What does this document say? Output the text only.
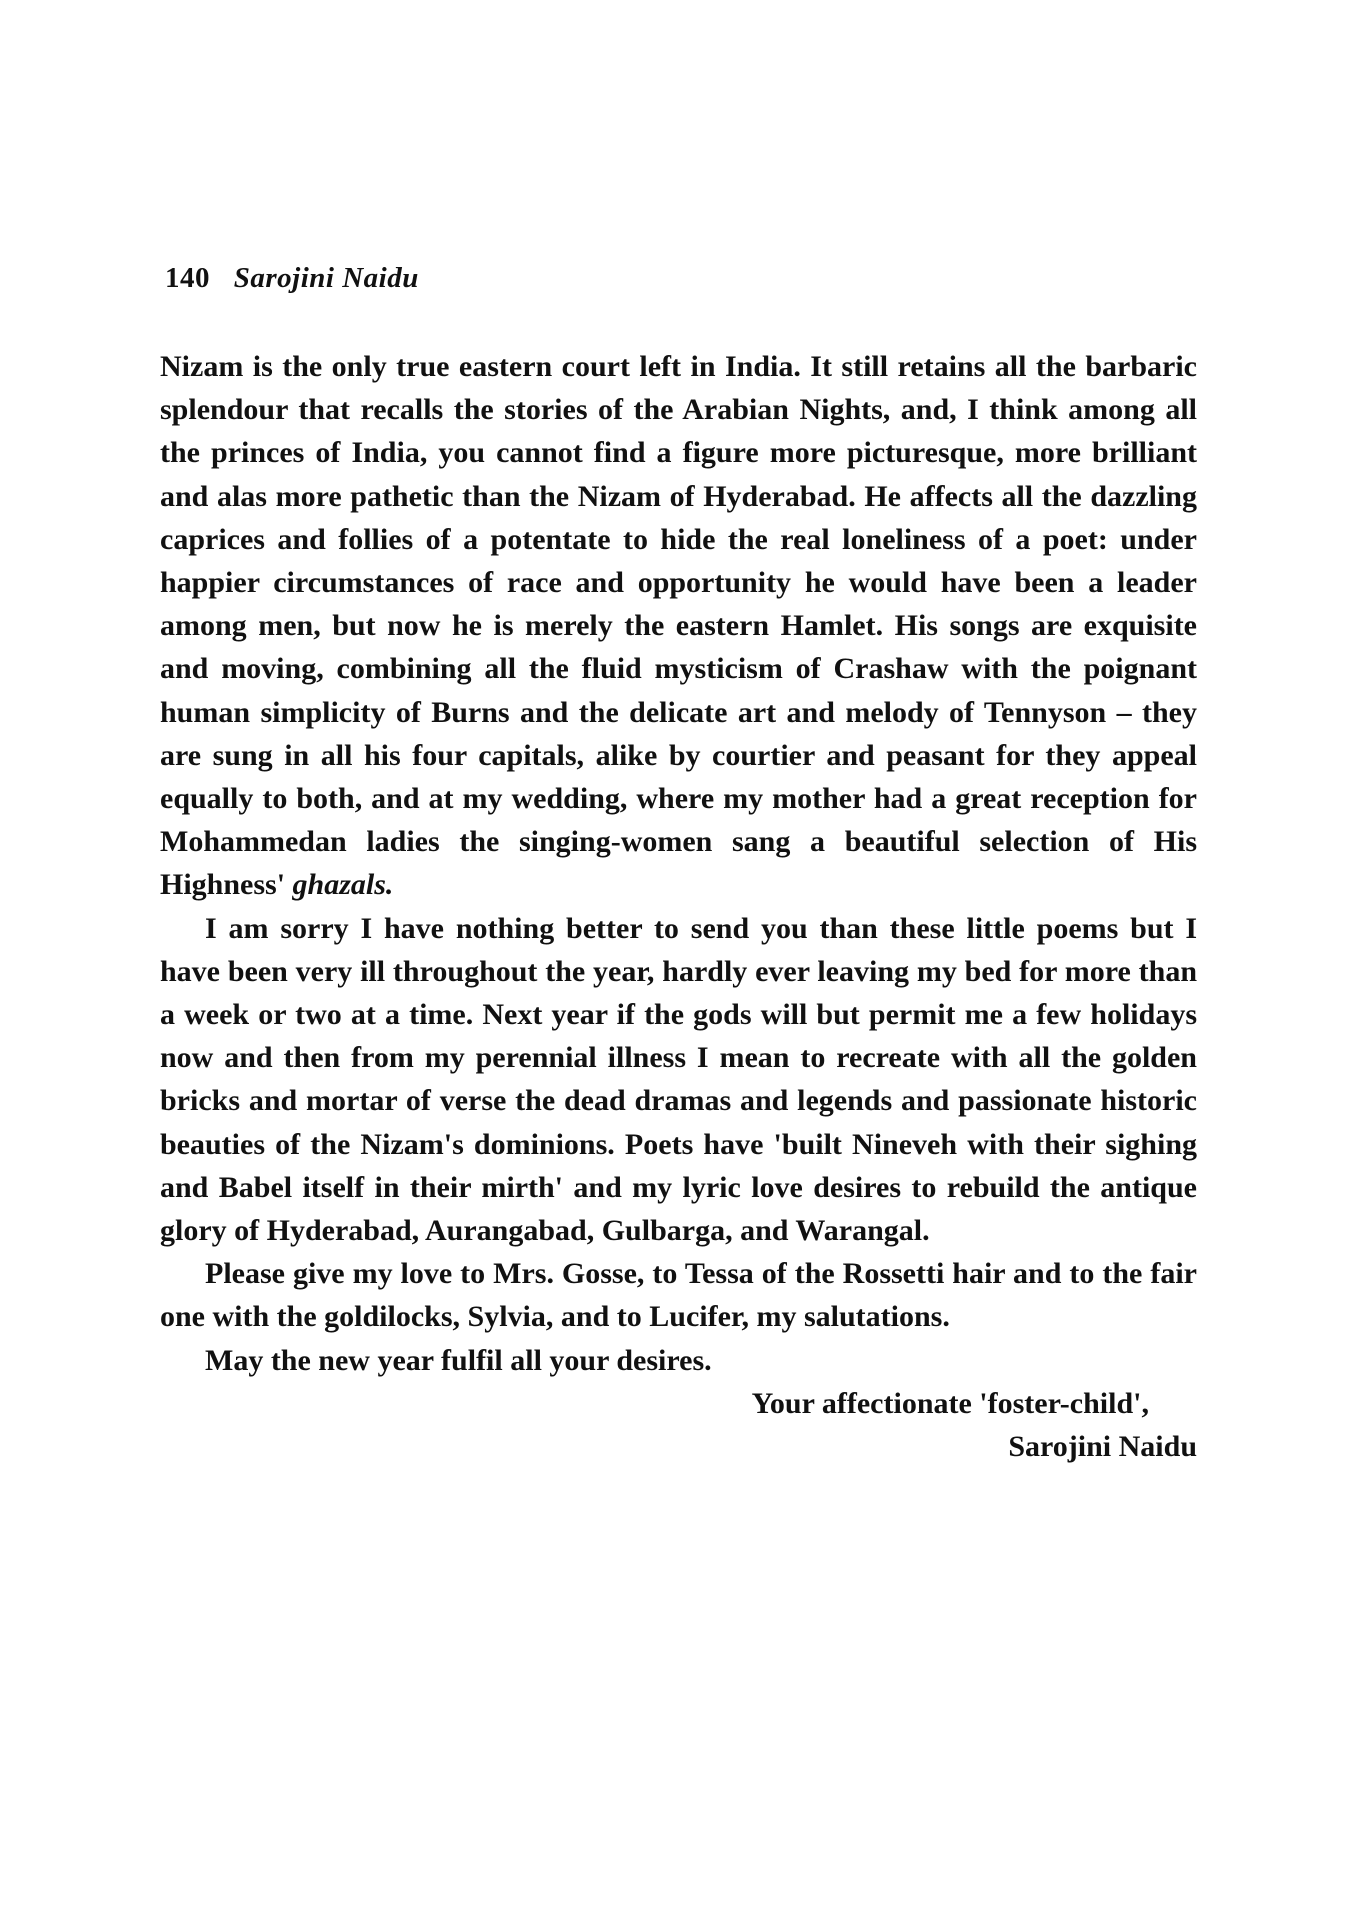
140 Sarojini Naidu

Nizam is the only true eastern court left in India. It still retains all the barbaric splendour that recalls the stories of the Arabian Nights, and, I think among all the princes of India, you cannot find a figure more picturesque, more brilliant and alas more pathetic than the Nizam of Hyderabad. He affects all the dazzling caprices and follies of a potentate to hide the real loneliness of a poet: under happier circumstances of race and opportunity he would have been a leader among men, but now he is merely the eastern Hamlet. His songs are exquisite and moving, combining all the fluid mysticism of Crashaw with the poignant human simplicity of Burns and the delicate art and melody of Tennyson – they are sung in all his four capitals, alike by courtier and peasant for they appeal equally to both, and at my wedding, where my mother had a great reception for Mohammedan ladies the singing-women sang a beautiful selection of His Highness' ghazals.

I am sorry I have nothing better to send you than these little poems but I have been very ill throughout the year, hardly ever leaving my bed for more than a week or two at a time. Next year if the gods will but permit me a few holidays now and then from my perennial illness I mean to recreate with all the golden bricks and mortar of verse the dead dramas and legends and passionate historic beauties of the Nizam's dominions. Poets have 'built Nineveh with their sighing and Babel itself in their mirth' and my lyric love desires to rebuild the antique glory of Hyderabad, Aurangabad, Gulbarga, and Warangal.

Please give my love to Mrs. Gosse, to Tessa of the Rossetti hair and to the fair one with the goldilocks, Sylvia, and to Lucifer, my salutations.

May the new year fulfil all your desires.

Your affectionate 'foster-child',
Sarojini Naidu
